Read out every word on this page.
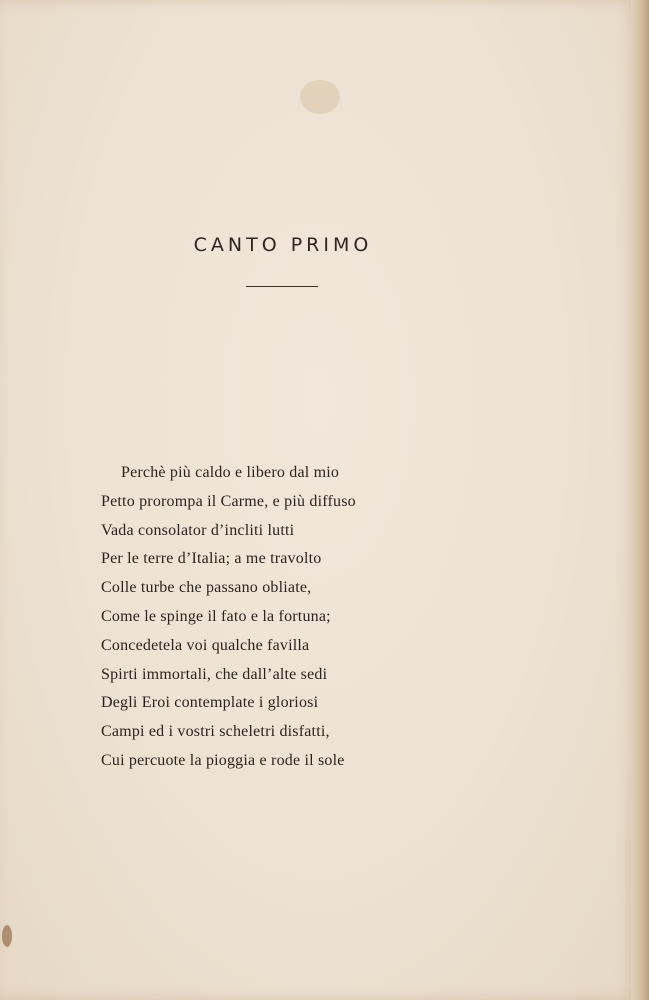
CANTO PRIMO
Perchè più caldo e libero dal mio
Petto prorompa il Carme, e più diffuso
Vada consolator d’incliti lutti
Per le terre d’Italia; a me travolto
Colle turbe che passano obliate,
Come le spinge il fato e la fortuna;
Concedetela voi qualche favilla
Spirti immortali, che dall’alte sedi
Degli Eroi contemplate i gloriosi
Campi ed i vostri scheletri disfatti,
Cui percuote la pioggia e rode il sole
